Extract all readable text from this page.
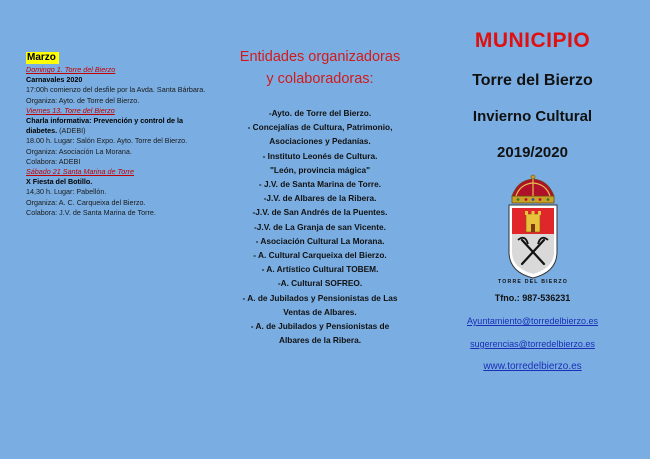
Marzo

Domingo 1. Torre del Bierzo

Carnavales 2020

17:00h comienzo del desfile por la Avda. Santa Bárbara.

Organiza: Ayto. de Torre del Bierzo.

Viernes 13. Torre del Bierzo

Charla informativa: Prevención y control de la diabetes. (ADEBI)

18.00 h. Lugar: Salón Expo. Ayto. Torre del Bierzo.

Organiza: Asociación La Morana.

Colabora: ADEBI

Sábado 21 Santa Marina de Torre

X Fiesta del Botillo.

14,30 h. Lugar: Pabellón.

Organiza: A. C. Carqueixa del Bierzo.

Colabora: J.V. de Santa Marina de Torre.

Entidades organizadoras
y colaboradoras:
-Ayto. de Torre del Bierzo.
- Concejalías de Cultura, Patrimonio,
Asociaciones y Pedanías.
- Instituto Leonés de Cultura.
"León, provincia mágica"
- J.V. de Santa Marina de Torre.
-J.V. de Albares de la Ribera.
-J.V. de San Andrés de la Puentes.
-J.V. de La Granja de san Vicente.
- Asociación Cultural La Morana.
- A. Cultural Carqueixa del Bierzo.
- A. Artístico Cultural TOBEM.
-A. Cultural SOFREO.
- A. de Jubilados y Pensionistas de Las
Ventas de Albares.
- A. de Jubilados y Pensionistas de
Albares de la Ribera.
MUNICIPIO
Torre del Bierzo
Invierno Cultural
2019/2020
TORRE DEL BIERZO
Tfno.: 987-536231
Ayuntamiento@torredelbierzo.es
sugerencias@torredelbierzo.es
www.torredelbierzo.es
